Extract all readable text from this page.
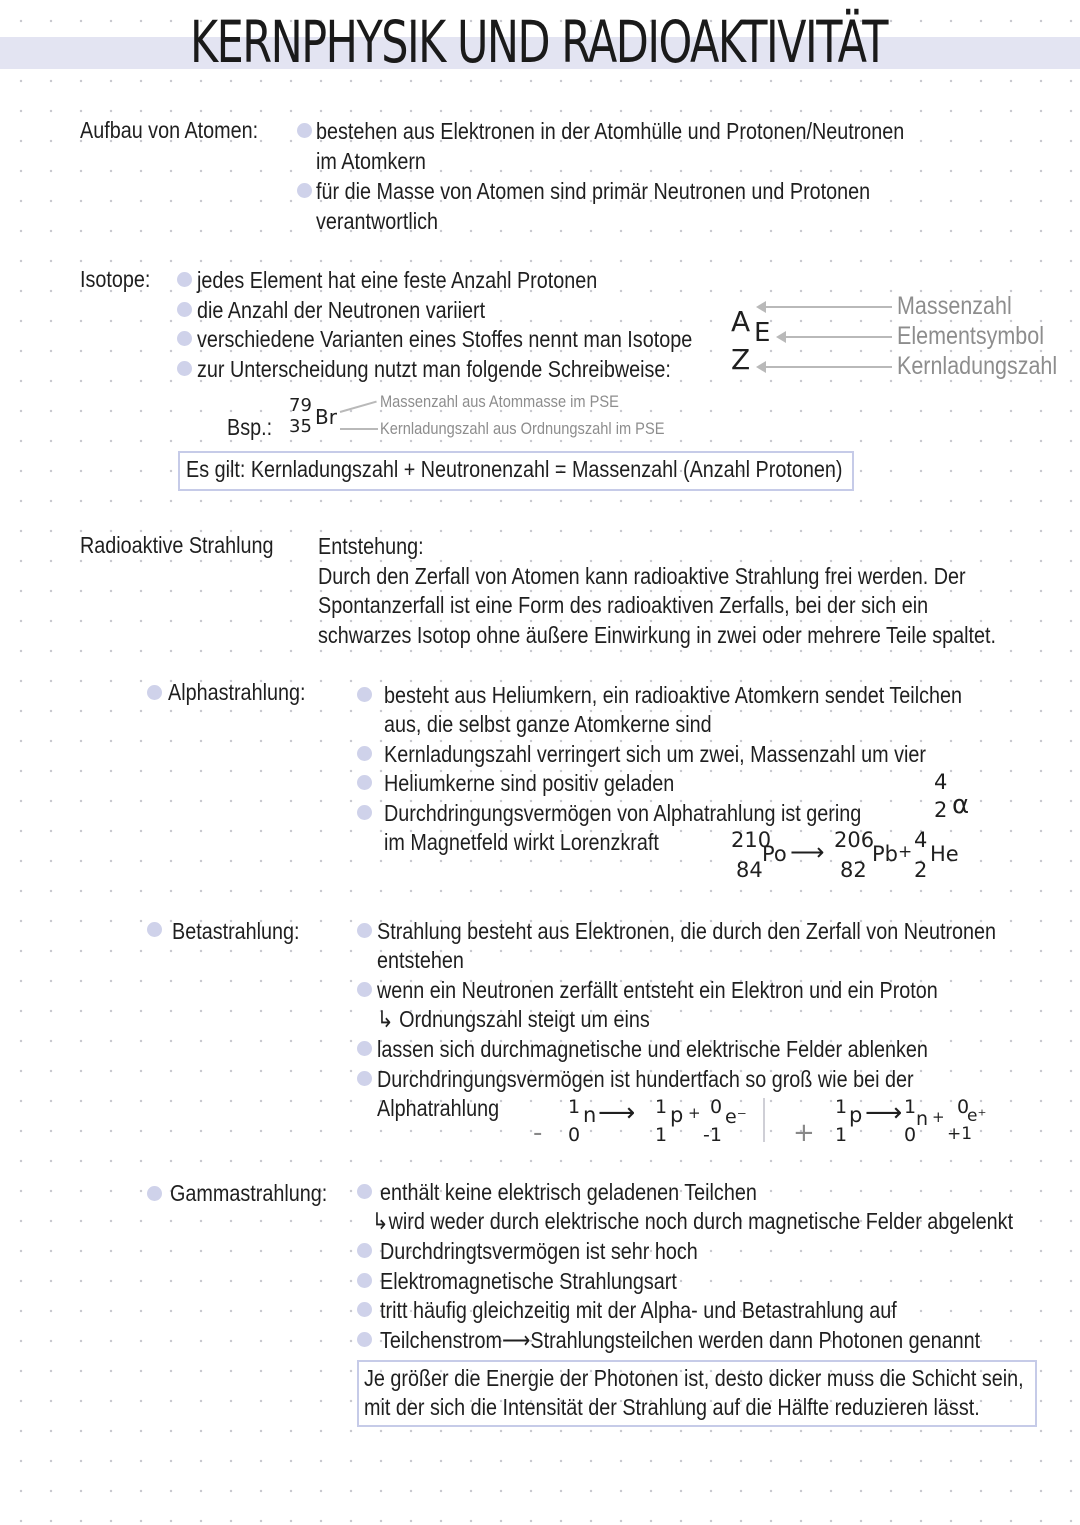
KERNPHYSIK UND RADIOAKTIVITÄT
Aufbau von Atomen:	bestehen aus Elektronen in der Atomhülle und Protonen/Neutronen
im Atomkern
für die Masse von Atomen sind primär Neutronen und Protonen
verantwortlich
Isotope: jedes Element hat eine feste Anzahl Protonen
die Anzahl der Neutronen variiert
verschiedene Varianten eines Stoffes nennt man Isotope
zur Unterscheidung nutzt man folgende Schreibweise:
A E
Z
Massenzahl
Elementsymbol
Kernladungszahl
Bsp.:
79
35 Br
Massenzahl aus Atommasse im PSE
Kernladungszahl aus Ordnungszahl im PSE
Es gilt: Kernladungszahl + Neutronenzahl = Massenzahl (Anzahl Protonen)
Radioaktive Strahlung Entstehung:
Durch den Zerfall von Atomen kann radioaktive Strahlung frei werden. Der
Spontanzerfall ist eine Form des radioaktiven Zerfalls, bei der sich ein
schwarzes Isotop ohne äußere Einwirkung in zwei oder mehrere Teile spaltet.
Alphastrahlung:	besteht aus Heliumkern, ein radioaktive Atomkern sendet Teilchen
aus, die selbst ganze Atomkerne sind
Kernladungszahl verringert sich um zwei, Massenzahl um vier
Heliumkerne sind positiv geladen
Durchdringungsvermögen von Alphatrahlung ist gering
im Magnetfeld wirkt Lorenzkraft
4
2 α
210
84
Po ⟶ 206
82
Pb + 4
2
He
Betastrahlung:	Strahlung besteht aus Elektronen, die durch den Zerfall von Neutronen
entstehen
wenn ein Neutronen zerfällt entsteht ein Elektron und ein Proton
↳ Ordnungszahl steigt um eins
lassen sich durchmagnetische und elektrische Felder ablenken
Durchdringungsvermögen ist hundertfach so groß wie bei der
Alphatrahlung
-
1
0
n ⟶ 1
1
p + 0
-1
e⁻
+
1
1
p ⟶ 1
0
n + 0
+1
e⁺
Gammastrahlung: enthält keine elektrisch geladenen Teilchen
↳wird weder durch elektrische noch durch magnetische Felder abgelenkt
Durchdringtsvermögen ist sehr hoch
Elektromagnetische Strahlungsart
tritt häufig gleichzeitig mit der Alpha- und Betastrahlung auf
Teilchenstrom⟶Strahlungsteilchen werden dann Photonen genannt
Je größer die Energie der Photonen ist, desto dicker muss die Schicht sein,
mit der sich die Intensität der Strahlung auf die Hälfte reduzieren lässt.
